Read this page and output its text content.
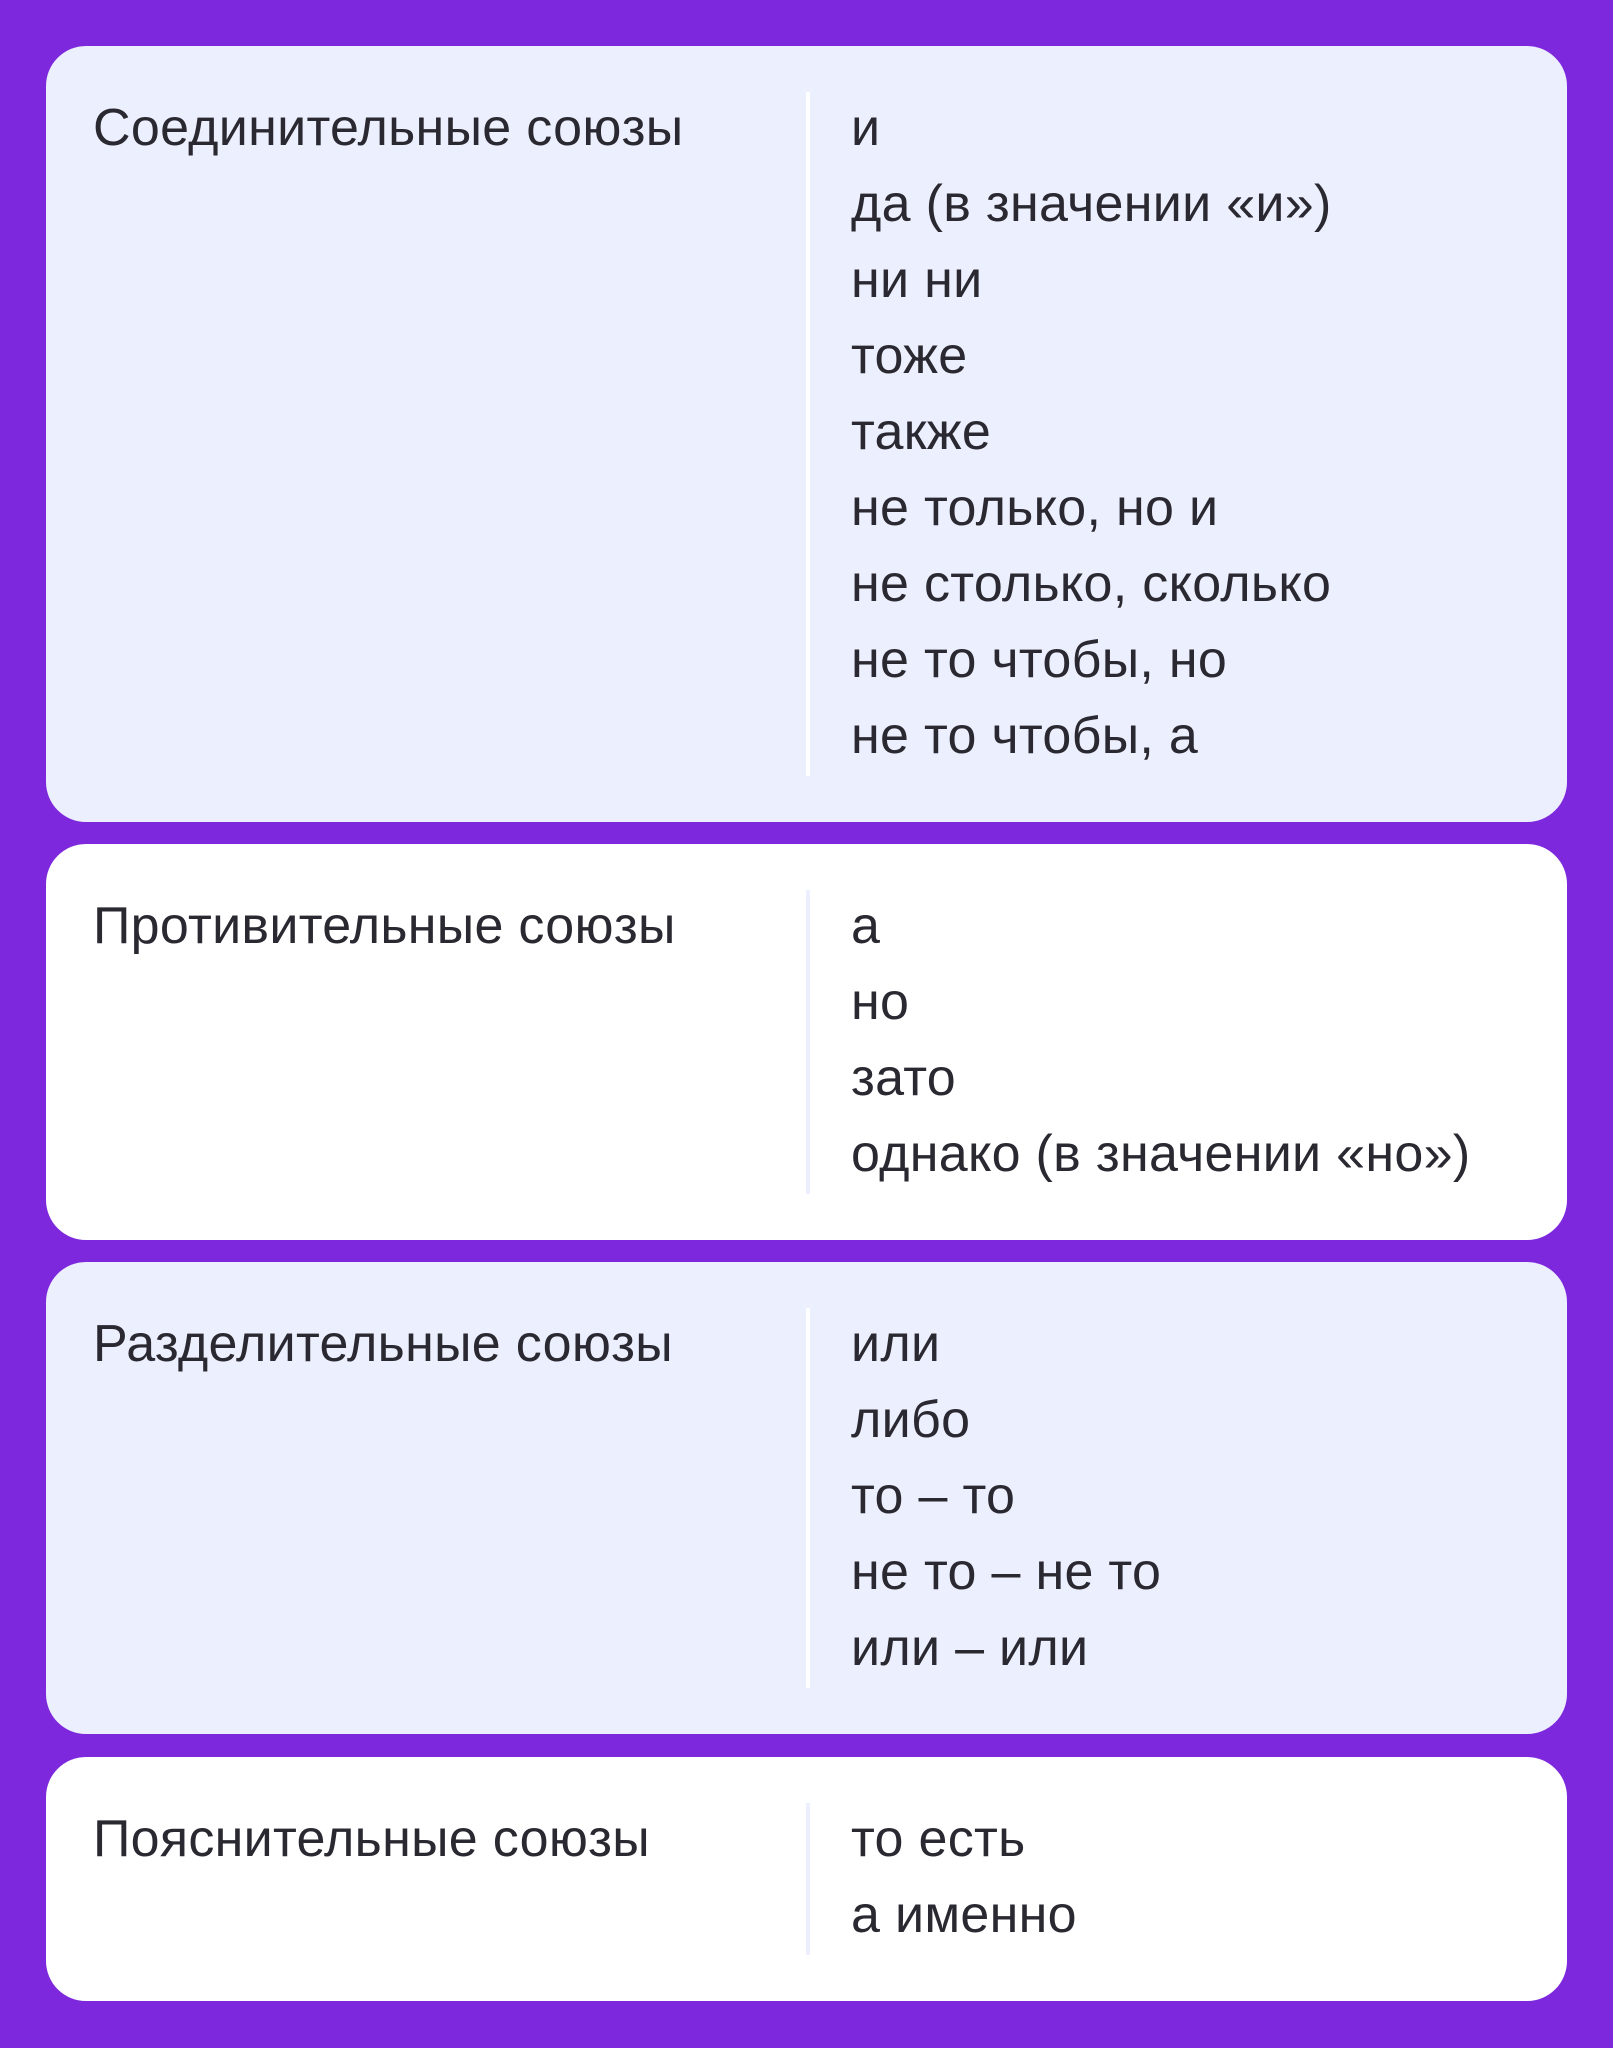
Соединительные союзы	и
да (в значении «и»)
ни ни
тоже
также
не только, но и
не столько, сколько
не то чтобы, но
не то чтобы, а
Противительные союзы	а
но
зато
однако (в значении «но»)
Разделительные союзы	или
либо
то – то
не то – не то
или – или
Пояснительные союзы	то есть
а именно
